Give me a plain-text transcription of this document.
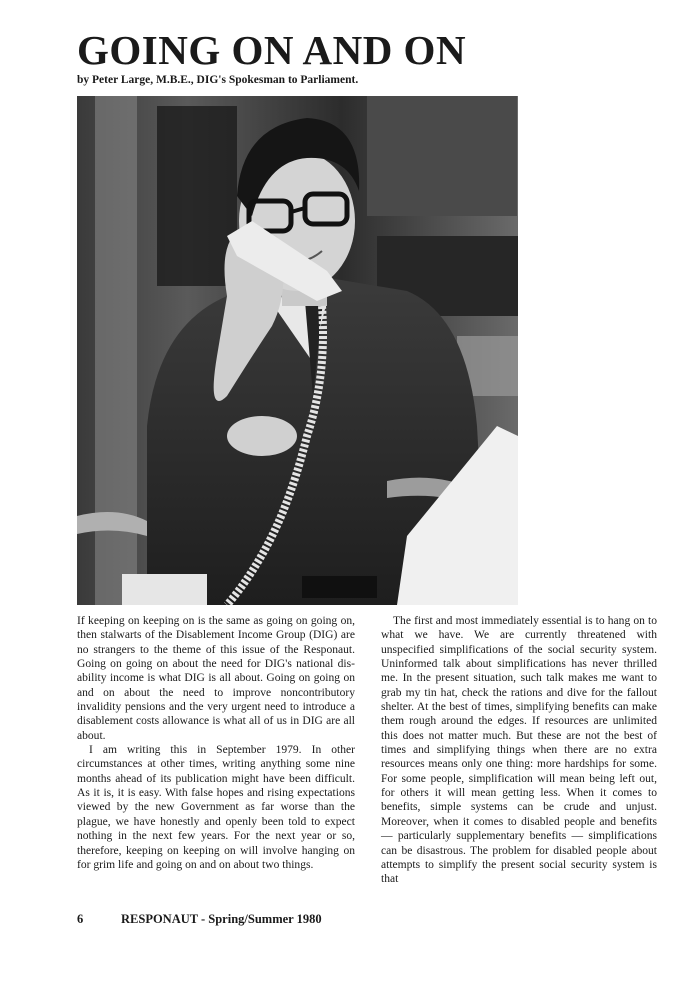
GOING ON AND ON
by Peter Large, M.B.E., DIG's Spokesman to Parliament.

If keeping on keeping on is the same as going on going on, then stalwarts of the Disablement Income Group (DIG) are no strangers to the theme of this issue of the Responaut. Going on going on about the need for DIG's national disability income is what DIG is all about. Going on going on and on about the need to improve noncontributory invalidity pensions and the very urgent need to introduce a disablement costs allowance is what all of us in DIG are all about.

I am writing this in September 1979. In other circumstances at other times, writing anything some nine months ahead of its publication might have been difficult. As it is, it is easy. With false hopes and rising expectations viewed by the new Government as far worse than the plague, we have honestly and openly been told to expect nothing in the next few years. For the next year or so, therefore, keeping on keeping on will involve hanging on for grim life and going on and on about two things.

The first and most immediately essential is to hang on to what we have. We are currently threatened with unspecified simplifications of the social security system. Uninformed talk about simplifications has never thrilled me. In the present situation, such talk makes me want to grab my tin hat, check the rations and dive for the fallout shelter. At the best of times, simplifying benefits can make them rough around the edges. If resources are unlimited this does not matter much. But these are not the best of times and simplifying things when there are no extra resources means only one thing: more hardships for some. For some people, simplification will mean being left out, for others it will mean getting less. When it comes to benefits, simple systems can be crude and unjust. Moreover, when it comes to disabled people and benefits — particularly supplementary benefits — simplifications can be disastrous. The problem for disabled people about attempts to simplify the present social security system is that

6	RESPONAUT - Spring/Summer 1980
